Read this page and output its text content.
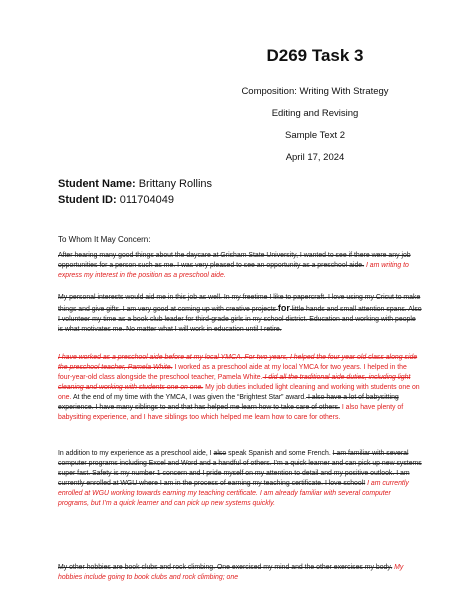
D269 Task 3
Composition: Writing With Strategy
Editing and Revising
Sample Text 2
April 17, 2024
Student Name: Brittany Rollins
Student ID: 011704049
To Whom It May Concern:

After hearing many good things about the daycare at Grisham State University, I wanted to see if there were any job opportunities for a person such as me. I was very pleased to see an opportunity as a preschool aide. I am writing to express my interest in the position as a preschool aide.

My personal interests would aid me in this job as well. In my freetime I like to papercraft. I love using my Cricut to make things and give gifts. I am very good at coming up with creative projects for little hands and small attention spans. Also I volunteer my time as a book club leader for third-grade girls in my school district. Education and working with people is what motivates me. No matter what I will work in education until I retire.

I have worked as a preschool aide before at my local YMCA. For two years, I helped the four year old class along side the preschool teacher, Pamela White. I worked as a preschool aide at my local YMCA for two years. I helped in the four-year-old class alongside the preschool teacher, Pamela White. I did all the traditional aide duties, including light cleaning and working with students one on one. My job duties included light cleaning and working with students one on one. At the end of my time with the YMCA, I was given the “Brightest Star” award. I also have a lot of babysitting experience. I have many siblings to and that has helped me learn how to take care of others. I also have plenty of babysitting experience, and I have siblings too which helped me learn how to care for others.

In addition to my experience as a preschool aide, I also speak Spanish and some French. I am familiar with several computer programs including Excel and Word and a handful of others. I’m a quick learner and can pick up new systems super fast. Safety is my number 1 concern and I pride myself on my attention to detail and my positive outlook. I am currently enrolled at WGU where I am in the process of earning my teaching certificate. I love school! I am currently enrolled at WGU working towards earning my teaching certificate. I am already familiar with several computer programs, but I’m a quick learner and can pick up new systems quickly.

My other hobbies are book clubs and rock climbing. One exercised my mind and the other exercises my body. My hobbies include going to book clubs and rock climbing; one
